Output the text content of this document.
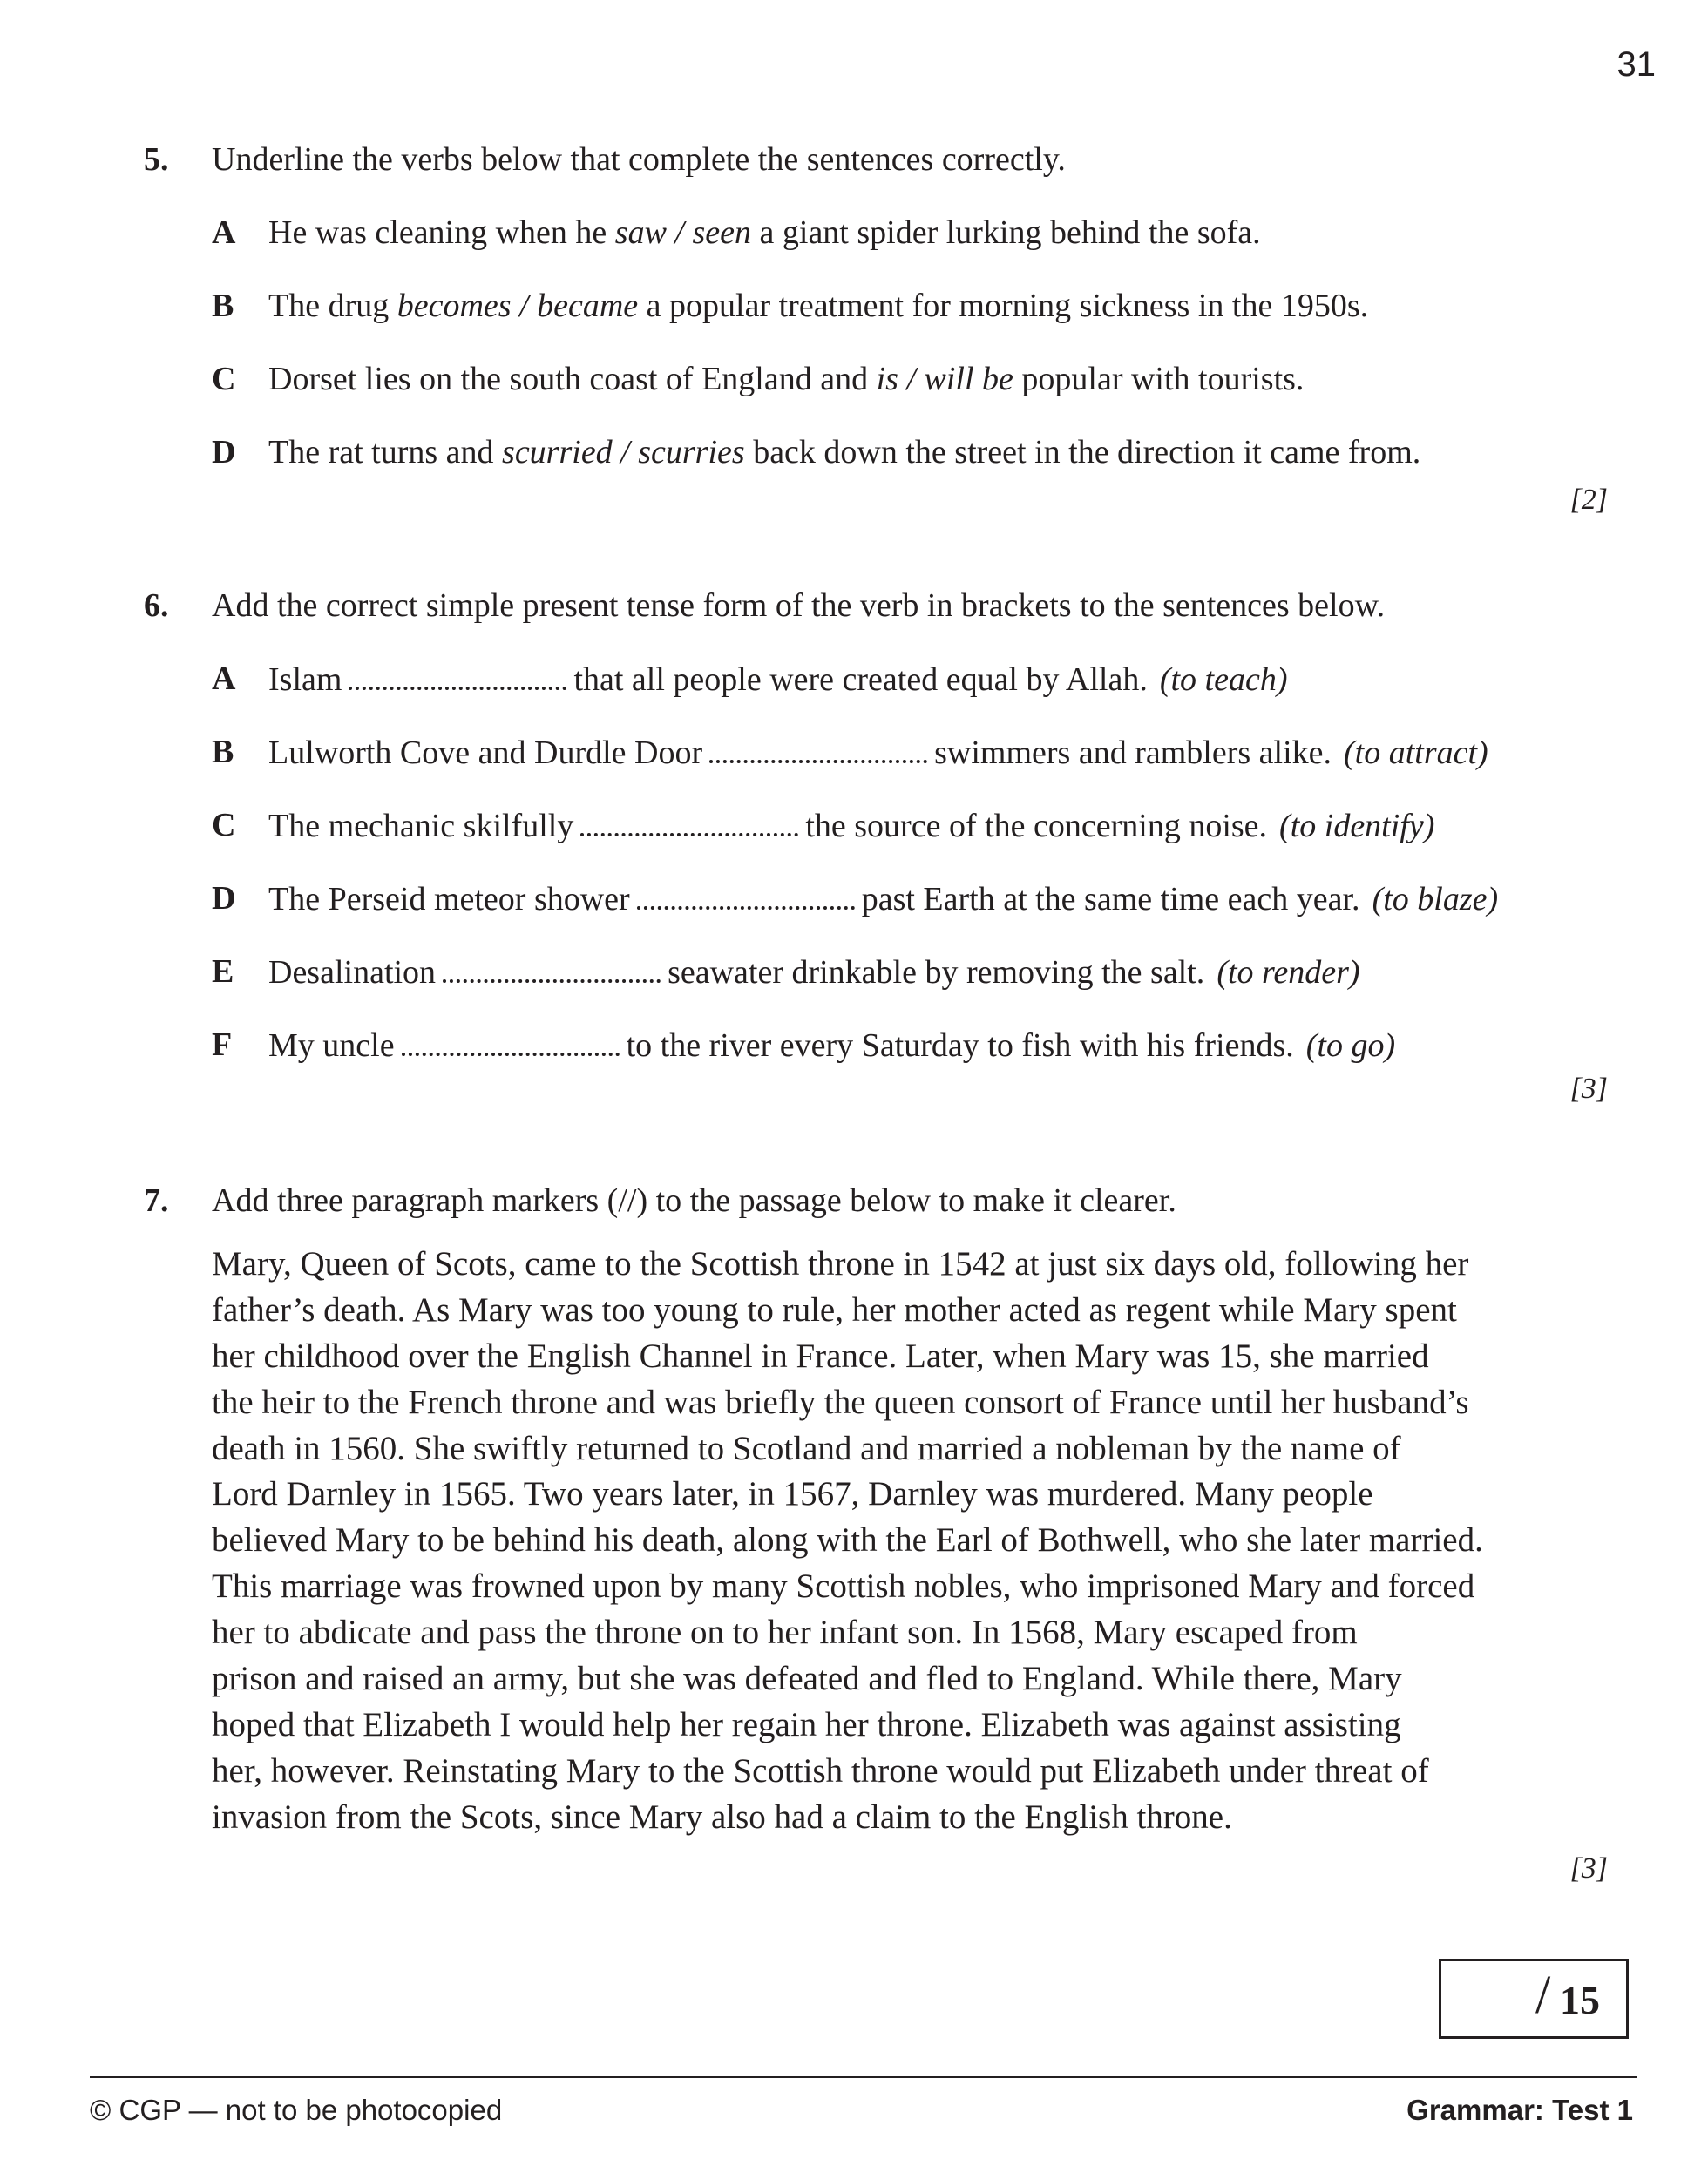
31
5. Underline the verbs below that complete the sentences correctly.
A He was cleaning when he saw / seen a giant spider lurking behind the sofa.
B The drug becomes / became a popular treatment for morning sickness in the 1950s.
C Dorset lies on the south coast of England and is / will be popular with tourists.
D The rat turns and scurried / scurries back down the street in the direction it came from.
[2]
6. Add the correct simple present tense form of the verb in brackets to the sentences below.
A Islam	that all people were created equal by Allah. (to teach)
B Lulworth Cove and Durdle Door	swimmers and ramblers alike. (to attract)
C The mechanic skilfully	the source of the concerning noise. (to identify)
D The Perseid meteor shower	past Earth at the same time each year. (to blaze)
E Desalination	seawater drinkable by removing the salt. (to render)
F My uncle	to the river every Saturday to fish with his friends. (to go)
[3]
7. Add three paragraph markers (//) to the passage below to make it clearer.
Mary, Queen of Scots, came to the Scottish throne in 1542 at just six days old, following her
father’s death. As Mary was too young to rule, her mother acted as regent while Mary spent
her childhood over the English Channel in France. Later, when Mary was 15, she married
the heir to the French throne and was briefly the queen consort of France until her husband’s
death in 1560. She swiftly returned to Scotland and married a nobleman by the name of
Lord Darnley in 1565. Two years later, in 1567, Darnley was murdered. Many people
believed Mary to be behind his death, along with the Earl of Bothwell, who she later married.
This marriage was frowned upon by many Scottish nobles, who imprisoned Mary and forced
her to abdicate and pass the throne on to her infant son. In 1568, Mary escaped from
prison and raised an army, but she was defeated and fled to England. While there, Mary
hoped that Elizabeth I would help her regain her throne. Elizabeth was against assisting
her, however. Reinstating Mary to the Scottish throne would put Elizabeth under threat of
invasion from the Scots, since Mary also had a claim to the English throne.
[3]
/ 15
© CGP — not to be photocopied	Grammar: Test 1
